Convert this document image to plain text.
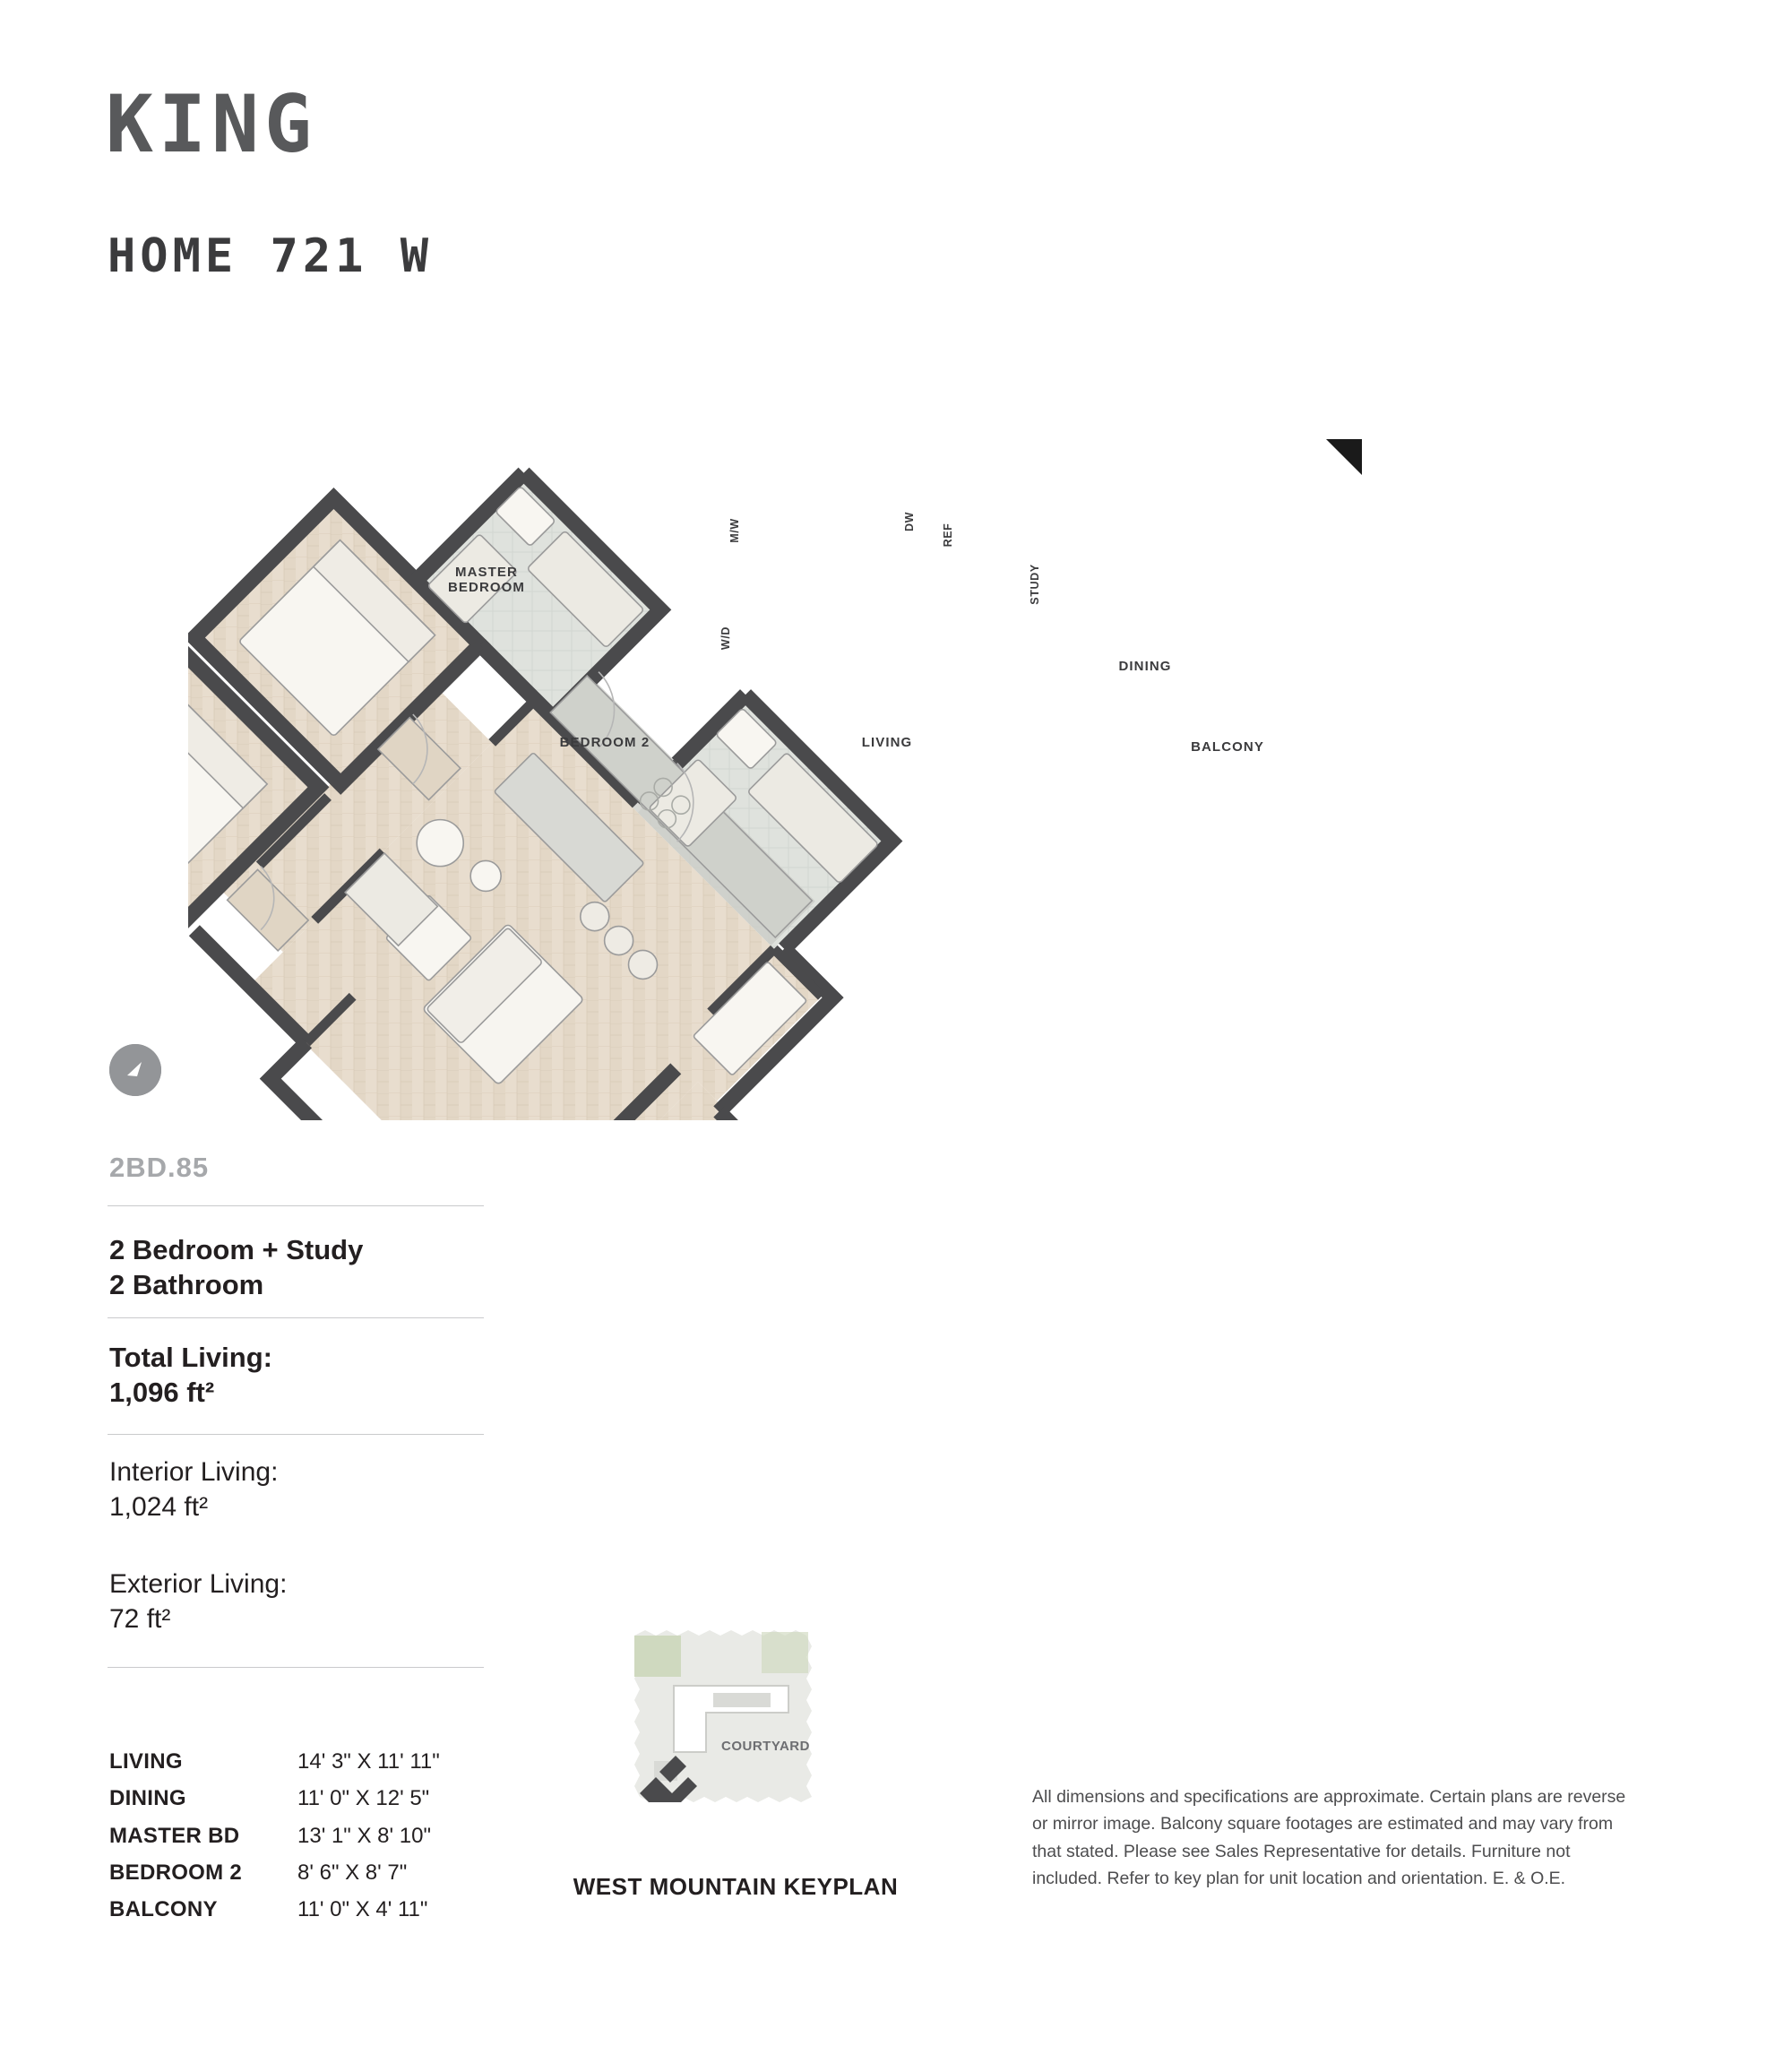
KING
HOME 721 W
MASTER
BEDROOM
BEDROOM 2	LIVING
DINING
BALCONY
STUDY
M/W	DW
REF
W/D
2BD.85
2 Bedroom + Study
2 Bathroom
Total Living:
1,096 ft²
Interior Living:
1,024 ft²
Exterior Living:
72 ft²
LIVING	14' 3" X 11' 11"
DINING	11' 0" X 12' 5"
MASTER BD	13' 1" X 8' 10"
BEDROOM 2	8' 6" X 8' 7"
BALCONY	11' 0" X 4' 11"
COURTYARD
WEST MOUNTAIN KEYPLAN
All dimensions and specifications are approximate. Certain plans are reverse or mirror image. Balcony square footages are estimated and may vary from that stated. Please see Sales Representative for details. Furniture not included. Refer to key plan for unit location and orientation. E. & O.E.
